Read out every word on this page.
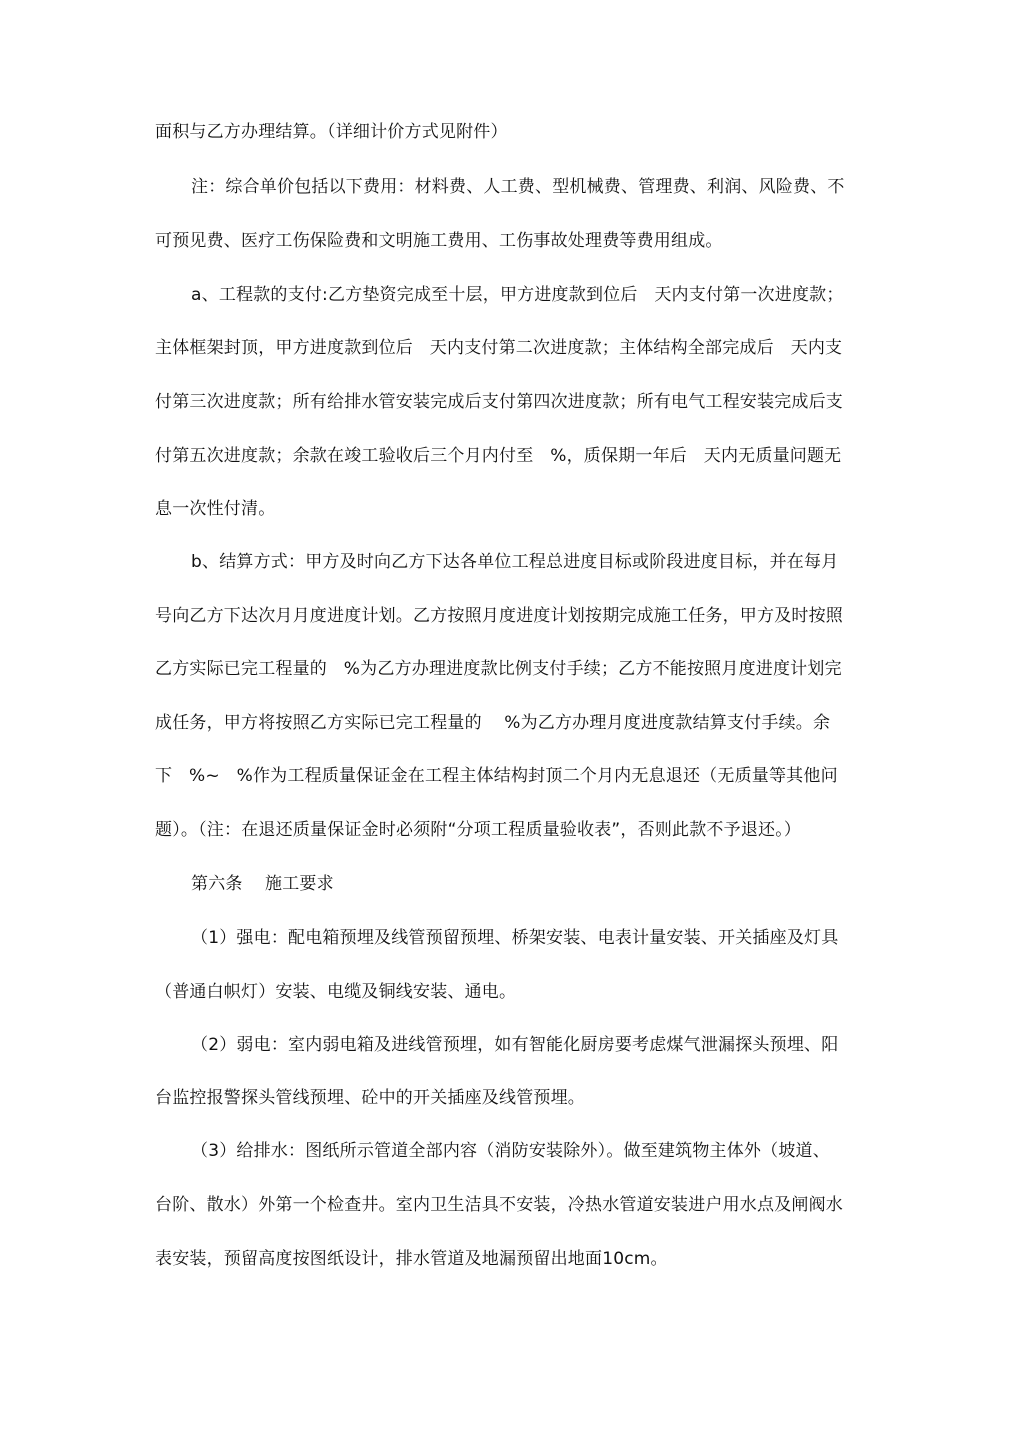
面积与乙方办理结算。（详细计价方式见附件）
注：综合单价包括以下费用：材料费、人工费、型机械费、管理费、利润、风险费、不
可预见费、医疗工伤保险费和文明施工费用、工伤事故处理费等费用组成。
a、工程款的支付:乙方垫资完成至十层，甲方进度款到位后   天内支付第一次进度款；
主体框架封顶，甲方进度款到位后   天内支付第二次进度款；主体结构全部完成后   天内支
付第三次进度款；所有给排水管安装完成后支付第四次进度款；所有电气工程安装完成后支
付第五次进度款；余款在竣工验收后三个月内付至   %，质保期一年后   天内无质量问题无
息一次性付清。
b、结算方式：甲方及时向乙方下达各单位工程总进度目标或阶段进度目标，并在每月
号向乙方下达次月月度进度计划。乙方按照月度进度计划按期完成施工任务，甲方及时按照
乙方实际已完工程量的   %为乙方办理进度款比例支付手续；乙方不能按照月度进度计划完
成任务，甲方将按照乙方实际已完工程量的    %为乙方办理月度进度款结算支付手续。余
下   %~   %作为工程质量保证金在工程主体结构封顶二个月内无息退还（无质量等其他问
题）。（注：在退还质量保证金时必须附“分项工程质量验收表”，否则此款不予退还。）
第六条    施工要求
（1）强电：配电箱预埋及线管预留预埋、桥架安装、电表计量安装、开关插座及灯具
（普通白帜灯）安装、电缆及铜线安装、通电。
（2）弱电：室内弱电箱及进线管预埋，如有智能化厨房要考虑煤气泄漏探头预埋、阳
台监控报警探头管线预埋、砼中的开关插座及线管预埋。
（3）给排水：图纸所示管道全部内容（消防安装除外）。做至建筑物主体外（坡道、
台阶、散水）外第一个检查井。室内卫生洁具不安装，冷热水管道安装进户用水点及闸阀水
表安装，预留高度按图纸设计，排水管道及地漏预留出地面10cm。
